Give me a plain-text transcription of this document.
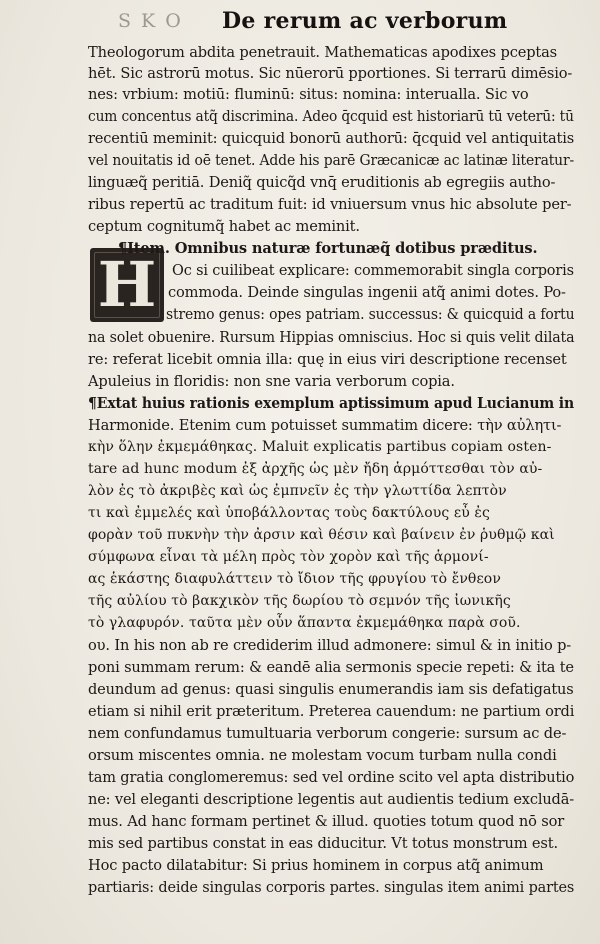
S K O De rerum ac verborum
H
Theologorum abdita penetrauit. Mathematicas apodixes pceptas
hēt. Sic astrorū motus. Sic nūerorū pportiones. Si terrarū dimēsio-
nes: vrbium: motiū: fluminū: situs: nomina: interualla. Sic vo
cum concentus atq̃ discrimina. Adeo q̄cquid est historiarū tū veterū: tū
recentiū meminit: quicquid bonorū authorū: q̄cquid vel antiquitatis
vel nouitatis id oē tenet. Adde his parē Græcanicæ ac latinæ literatur-
linguæq̃ peritiā. Deniq̃ quicq̃d vnq̄ eruditionis ab egregiis autho-
ribus repertū ac traditum fuit: id vniuersum vnus hic absolute per-
ceptum cognitumq̃ habet ac meminit.
¶Item. Omnibus naturæ fortunæq̃ dotibus præditus.
Oc si cuilibeat explicare: commemorabit singla corporis
commoda. Deinde singulas ingenii atq̃ animi dotes. Po-
stremo genus: opes patriam. successus: & quicquid a fortu
na solet obuenire. Rursum Hippias omniscius. Hoc si quis velit dilata
re: referat licebit omnia illa: quę in eius viri descriptione recenset
Apuleius in floridis: non sne varia verborum copia.
¶Extat huius rationis exemplum aptissimum apud Lucianum in
Harmonide. Etenim cum potuisset summatim dicere: τὴν αὐλητι-
κὴν ὅλην ἐκμεμάθηκας. Maluit explicatis partibus copiam osten-
tare ad hunc modum ἐξ ἀρχῆς ὡς μὲν ἤδη ἁρμόττεσθαι τὸν αὐ-
λὸν ἐς τὸ ἀκριβὲς καὶ ὡς ἐμπνεῖν ἐς τὴν γλωττίδα λεπτὸν
τι καὶ ἐμμελές καὶ ὑποβάλλοντας τοὺς δακτύλους εὖ ἐς
φορὰν τοῦ πυκνὴν τὴν ἀρσιν καὶ θέσιν καὶ βαίνειν ἐν ῥυθμῷ καὶ
σύμφωνα εἶναι τὰ μέλη πρὸς τὸν χορὸν καὶ τῆς ἁρμονί-
ας ἑκάστης διαφυλάττειν τὸ ἴδιον τῆς φρυγίου τὸ ἔνθεον
τῆς αὐλίου τὸ βακχικὸν τῆς δωρίου τὸ σεμνόν τῆς ἰωνικῆς
τὸ γλαφυρόν. ταῦτα μὲν οὖν ἅπαντα ἐκμεμάθηκα παρὰ σοῦ.
ου. In his non ab re crediderim illud admonere: simul & in initio p-
poni summam rerum: & eandē alia sermonis specie repeti: & ita te
deundum ad genus: quasi singulis enumerandis iam sis defatigatus
etiam si nihil erit præteritum. Preterea cauendum: ne partium ordi
nem confundamus tumultuaria verborum congerie: sursum ac de-
orsum miscentes omnia. ne molestam vocum turbam nulla condi
tam gratia conglomeremus: sed vel ordine scito vel apta distributio
ne: vel eleganti descriptione legentis aut audientis tedium excludā-
mus. Ad hanc formam pertinet & illud. quoties totum quod nō sor
mis sed partibus constat in eas diducitur. Vt totus monstrum est.
Hoc pacto dilatabitur: Si prius hominem in corpus atq̃ animum
partiaris: deide singulas corporis partes. singulas item animi partes
